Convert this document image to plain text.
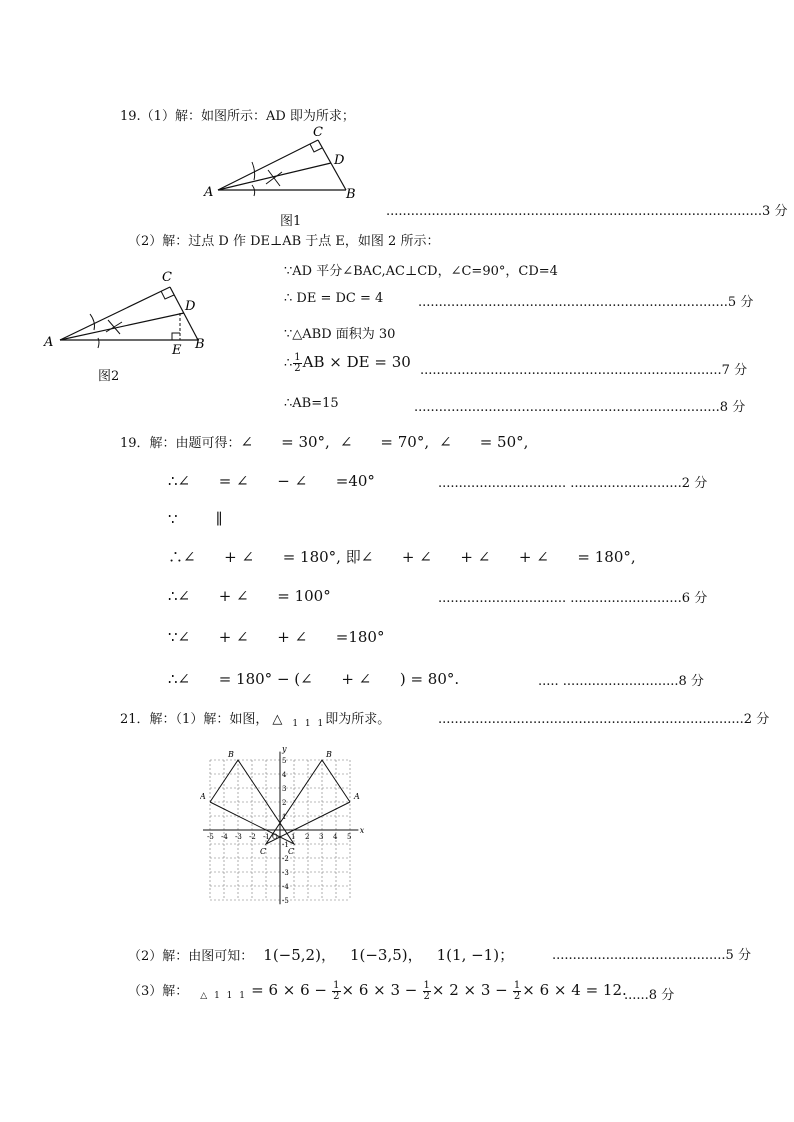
19.（1）解：如图所示：AD 即为所求；
A	B
C
D
图1
...........................................................................................3 分
（2）解：过点 D 作 DE⊥AB 于点 E，如图 2 所示：
A	B
C
D
E
图2
∵AD 平分∠BAC,AC⊥CD，∠C=90°，CD=4
∴ DE = DC = 4	...........................................................................5 分
∵△ABD 面积为 30
∴ $\frac{1}{2}$ AB × DE = 30 .........................................................................7 分
∴AB=15	..........................................................................8 分
19．解：由题可得：∠ = 30°, ∠ = 70°, ∠ = 50°,
∴∠      = ∠      − ∠      =40°	............................... ...........................2 分
∵        ∥
∴∠      + ∠      = 180°, 即∠      + ∠      + ∠      + ∠      = 180°,
∴∠      + ∠      = 100°	............................... ...........................6 分
∵∠      + ∠      + ∠      =180°
∴∠      = 180° − (∠      + ∠      ) = 80°.	..... ............................8 分
21．解：（1）解：如图， △ $_{1 1 1}$即为所求。	..........................................................................2 分
x
y
-5 -4 -3 -2 -1	1 2 3 4 5
5
4
3
2
1
-1
-2
-3
-4
-5
O
A
B
C
A
B
C
（2）解：由图可知： 1(−5,2)， 1(−3,5)， 1(1, −1)；	..........................................5 分
（3）解： $_{\triangle 1 1 1} = 6 \times 6 - \frac{1}{2} \times 6 \times 3 - \frac{1}{2} \times 2 \times 3 - \frac{1}{2} \times 6 \times 4 = 12$.
......8 分
